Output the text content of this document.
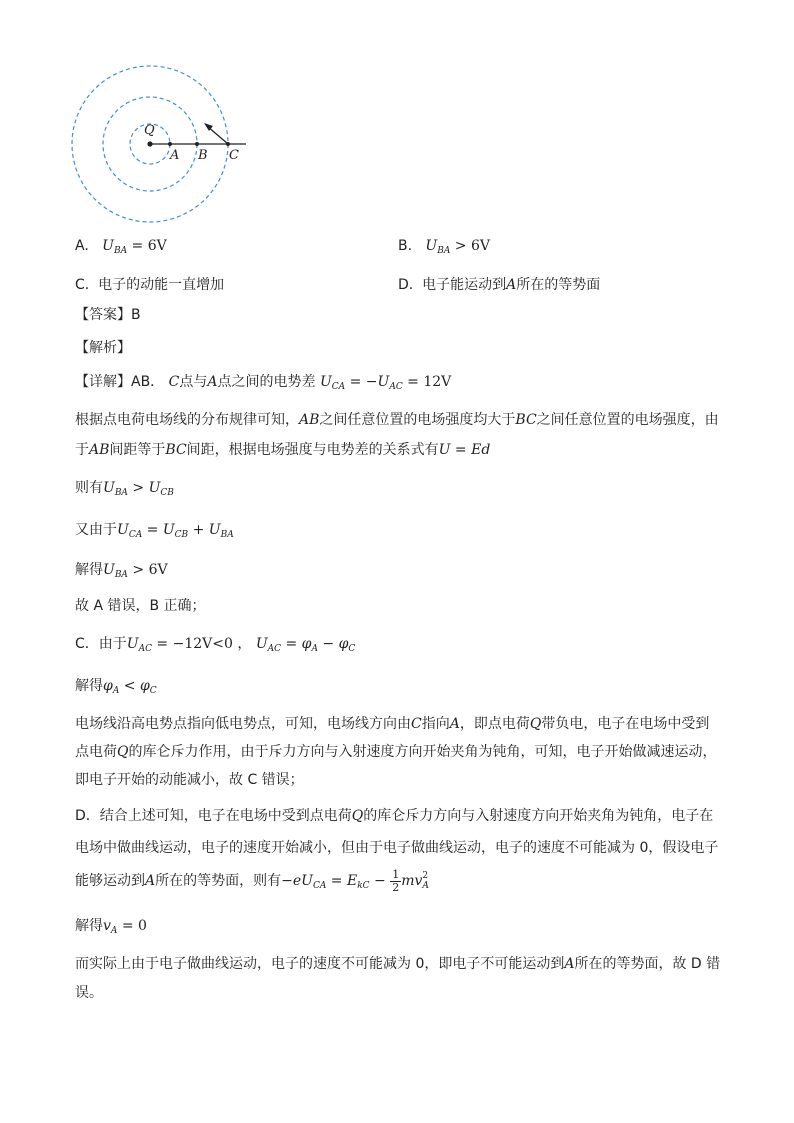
Q
A B C
A. $U_{BA} = 6V$	B. $U_{BA} > 6V$
C. 电子的动能一直增加	D. 电子能运动到A所在的等势面
【答案】B
【解析】
【详解】AB． C点与A点之间的电势差 $U_{CA} = -U_{AC} = 12V$
根据点电荷电场线的分布规律可知，AB之间任意位置的电场强度均大于BC之间任意位置的电场强度，由
于AB间距等于BC间距，根据电场强度与电势差的关系式有U = Ed
则有$U_{BA} > U_{CB}$
又由于$U_{CA} = U_{CB} + U_{BA}$
解得$U_{BA} > 6V$
故 A 错误，B 正确；
C．由于$U_{AC} = -12V<0$ ， $U_{AC} = \varphi_A - \varphi_C$
解得$\varphi_A < \varphi_C$
电场线沿高电势点指向低电势点，可知，电场线方向由C指向A，即点电荷Q带负电，电子在电场中受到
点电荷Q的库仑斥力作用，由于斥力方向与入射速度方向开始夹角为钝角，可知，电子开始做减速运动，
即电子开始的动能减小，故 C 错误；
D．结合上述可知，电子在电场中受到点电荷Q的库仑斥力方向与入射速度方向开始夹角为钝角，电子在
电场中做曲线运动，电子的速度开始减小，但由于电子做曲线运动，电子的速度不可能减为 0，假设电子
能够运动到A所在的等势面，则有$-eU_{CA} = E_{kC} - \frac{1}{2}$ mv 2
A
解得$v_A = 0$
而实际上由于电子做曲线运动，电子的速度不可能减为 0，即电子不可能运动到A所在的等势面，故 D 错
误。
